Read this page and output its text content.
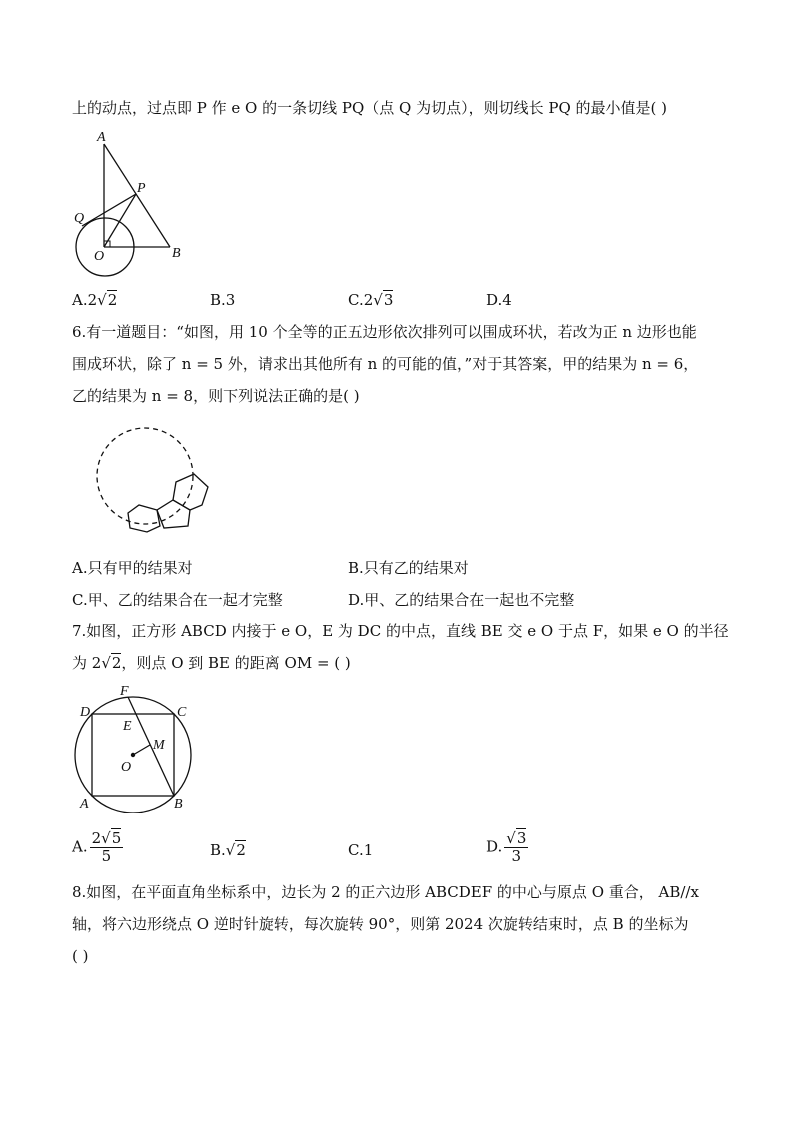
上的动点，过点即 P 作 e O 的一条切线 PQ（点 Q 为切点），则切线长 PQ 的最小值是( )
A
P
Q
O	B
A.2√2	B.3	C.2√3	D.4
6.有一道题目：“如图，用 10 个全等的正五边形依次排列可以围成环状，若改为正 n 边形也能
围成环状，除了 n = 5 外，请求出其他所有 n 的可能的值，”对于其答案，甲的结果为 n = 6，
乙的结果为 n = 8，则下列说法正确的是( )
A.只有甲的结果对	B.只有乙的结果对
C.甲、乙的结果合在一起才完整	D.甲、乙的结果合在一起也不完整
7.如图，正方形 ABCD 内接于 e O，E 为 DC 的中点，直线 BE 交 e O 于点 F，如果 e O 的半径
为 2√2，则点 O 到 BE 的距离 OM = ( )
F
D	C
E
M
O
A	B
A. $\frac{2√5}{5}$	B.√2	C.1	D. $\frac{√3}{3}$
8.如图，在平面直角坐标系中，边长为 2 的正六边形 ABCDEF 的中心与原点 O 重合， AB//x
轴，将六边形绕点 O 逆时针旋转，每次旋转 90°，则第 2024 次旋转结束时，点 B 的坐标为
( )
